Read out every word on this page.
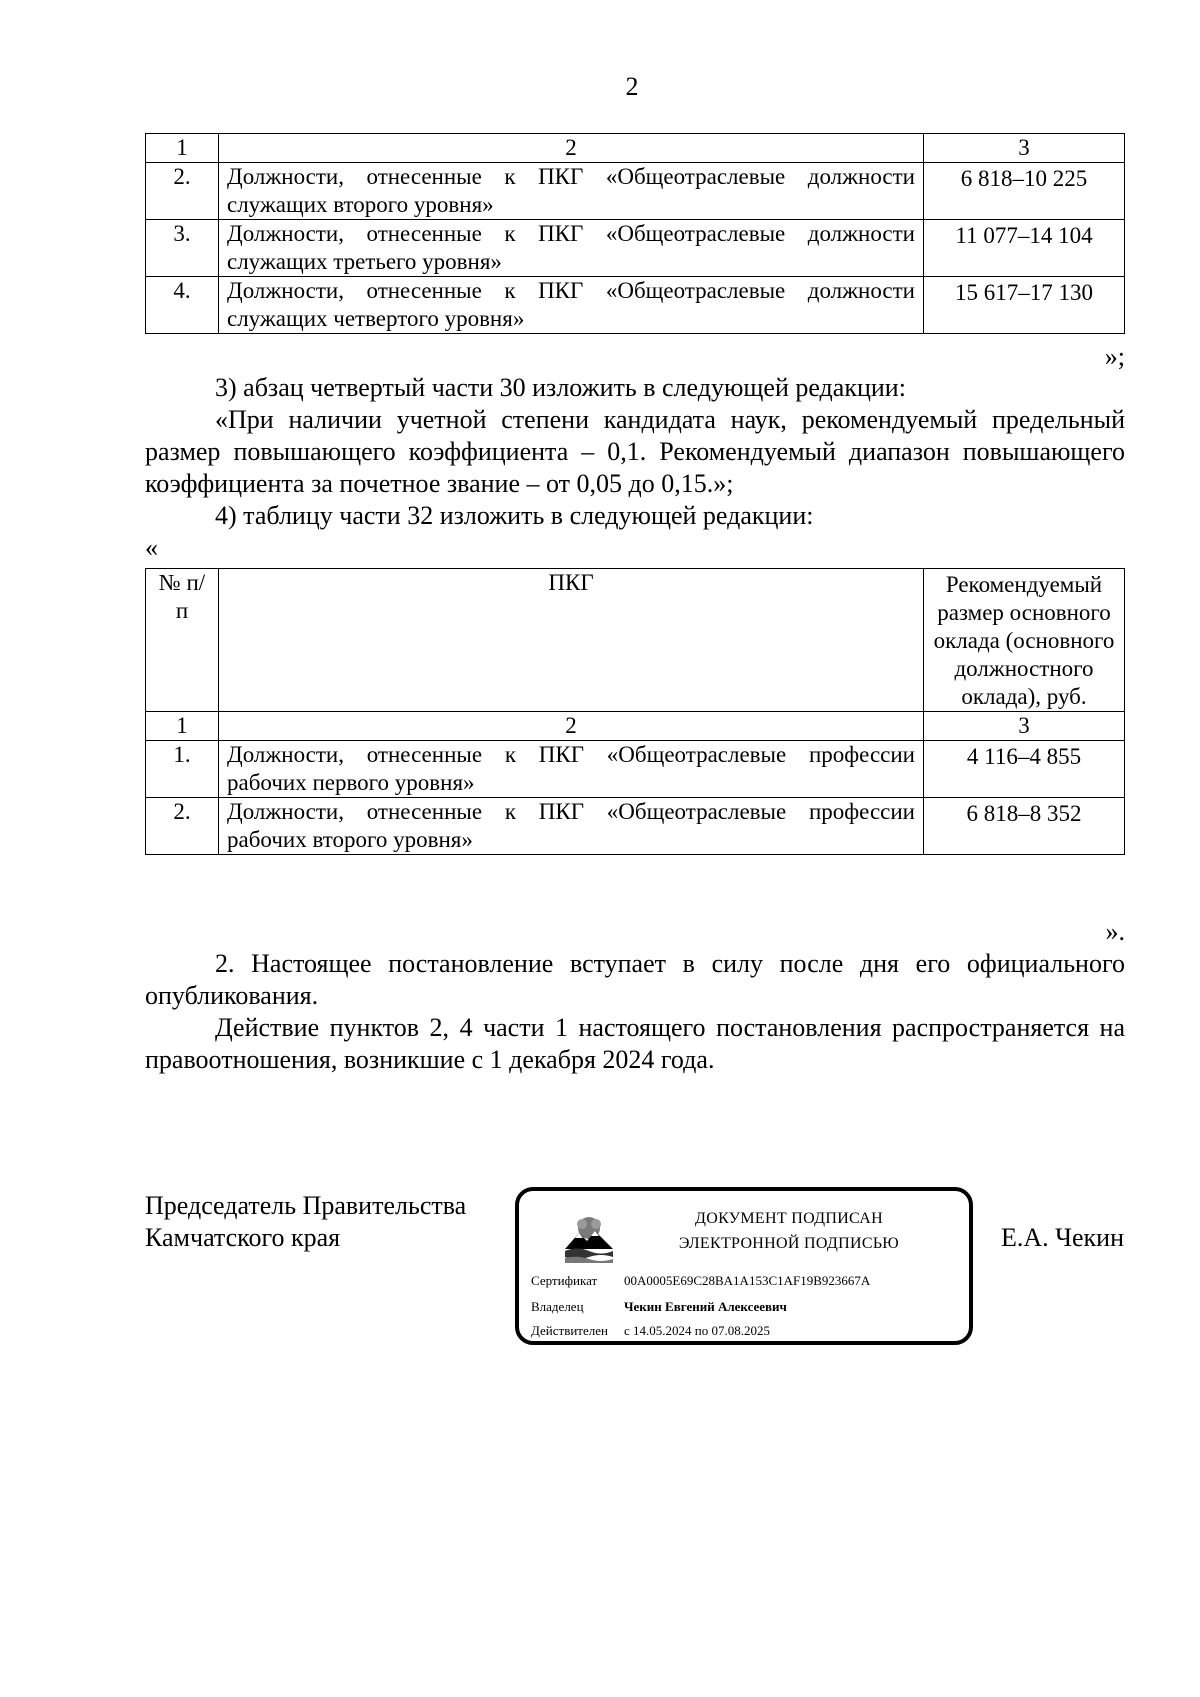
2
1	2	3
2.	Должности, отнесенные к ПКГ «Общеотраслевые должности служащих второго уровня»	6 818–10 225
3.	Должности, отнесенные к ПКГ «Общеотраслевые должности служащих третьего уровня»	11 077–14 104
4.	Должности, отнесенные к ПКГ «Общеотраслевые должности служащих четвертого уровня»	15 617–17 130
»;
3) абзац четвертый части 30 изложить в следующей редакции:
«При наличии учетной степени кандидата наук, рекомендуемый предельный размер повышающего коэффициента – 0,1. Рекомендуемый диапазон повышающего коэффициента за почетное звание – от 0,05 до 0,15.»;
4) таблицу части 32 изложить в следующей редакции:
«
№ п/п	ПКГ	Рекомендуемый размер основного оклада (основного должностного оклада), руб.
1	2	3
1.	Должности, отнесенные к ПКГ «Общеотраслевые профессии рабочих первого уровня»	4 116–4 855
2.	Должности, отнесенные к ПКГ «Общеотраслевые профессии рабочих второго уровня»	6 818–8 352
».
2. Настоящее постановление вступает в силу после дня его официального опубликования.
Действие пунктов 2, 4 части 1 настоящего постановления распространяется на правоотношения, возникшие с 1 декабря 2024 года.
Председатель Правительства
Камчатского края
ДОКУМЕНТ ПОДПИСАН
ЭЛЕКТРОННОЙ ПОДПИСЬЮ
Сертификат 00A0005E69C28BA1A153C1AF19B923667A
Владелец	Чекин Евгений Алексеевич
Действителен с 14.05.2024 по 07.08.2025
Е.А. Чекин
